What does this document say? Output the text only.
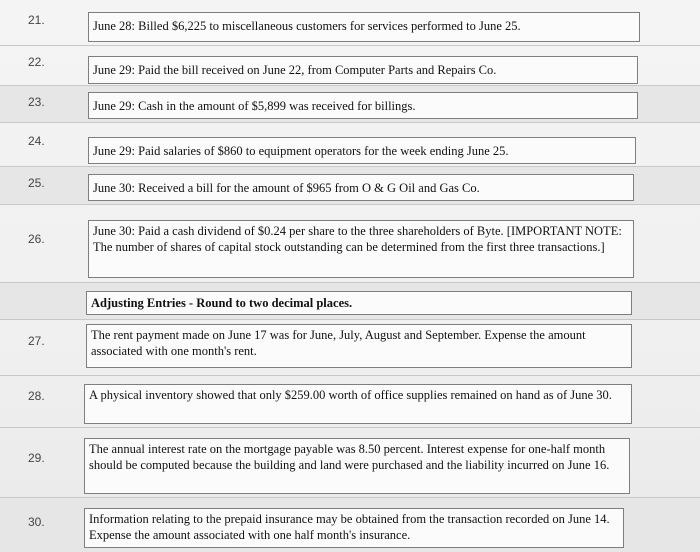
21.	June 28: Billed $6,225 to miscellaneous customers for services performed to June 25.
22.
June 29: Paid the bill received on June 22, from Computer Parts and Repairs Co.
23.	June 29: Cash in the amount of $5,899 was received for billings.
24.
June 29: Paid salaries of $860 to equipment operators for the week ending June 25.
25.	June 30: Received a bill for the amount of $965 from O & G Oil and Gas Co.
26.
June 30: Paid a cash dividend of $0.24 per share to the three shareholders of Byte. [IMPORTANT NOTE: The number of shares of capital stock outstanding can be determined from the first three transactions.]
Adjusting Entries - Round to two decimal places.
27.	The rent payment made on June 17 was for June, July, August and September. Expense the amount associated with one month's rent.
28.	A physical inventory showed that only $259.00 worth of office supplies remained on hand as of June 30.
29.
The annual interest rate on the mortgage payable was 8.50 percent. Interest expense for one-half month should be computed because the building and land were purchased and the liability incurred on June 16.
30.	Information relating to the prepaid insurance may be obtained from the transaction recorded on June 14. Expense the amount associated with one half month's insurance.
